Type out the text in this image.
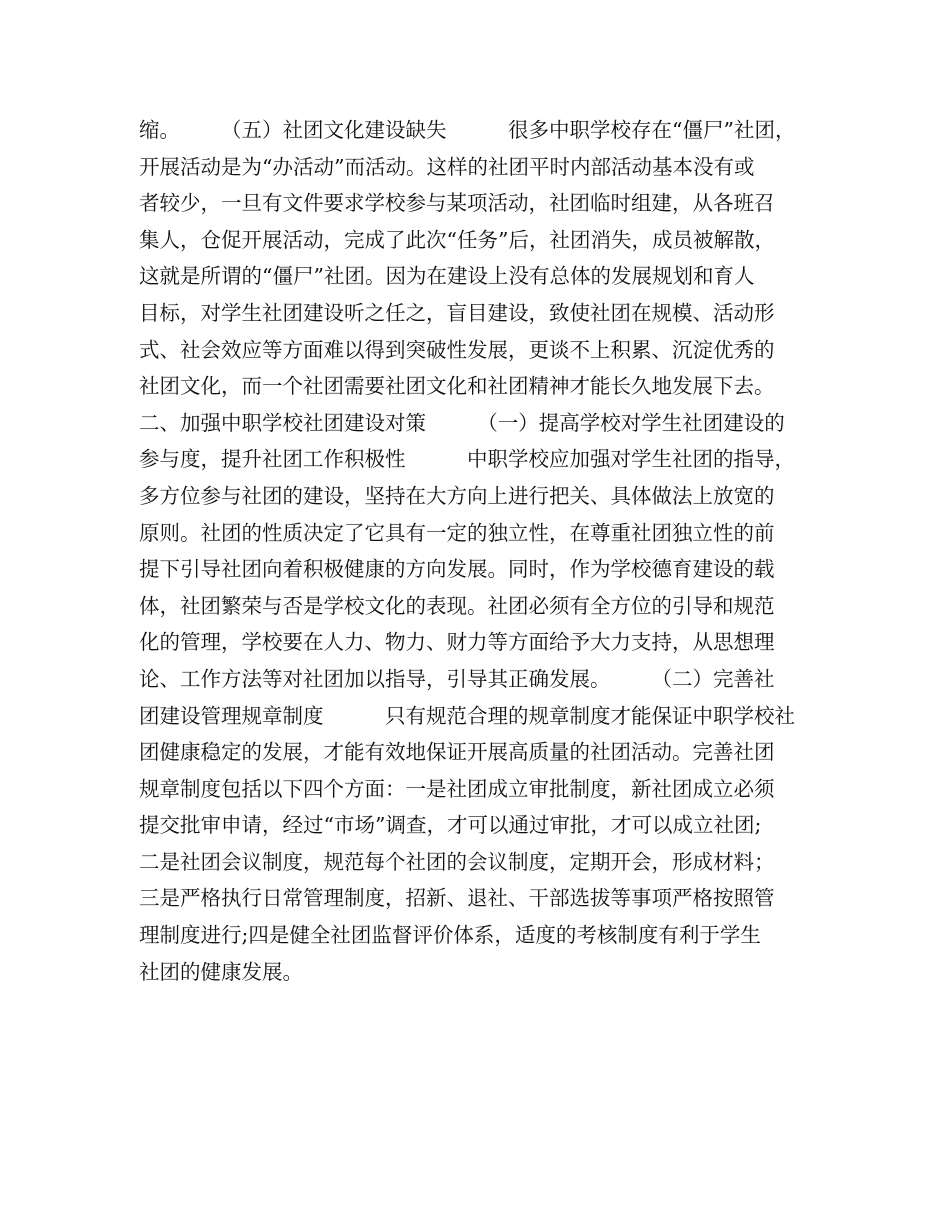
缩。　　　（五）社团文化建设缺失　　　很多中职学校存在“僵尸”社团，
开展活动是为“办活动”而活动。这样的社团平时内部活动基本没有或
者较少，一旦有文件要求学校参与某项活动，社团临时组建，从各班召
集人，仓促开展活动，完成了此次“任务”后，社团消失，成员被解散，
这就是所谓的“僵尸”社团。因为在建设上没有总体的发展规划和育人
目标，对学生社团建设听之任之，盲目建设，致使社团在规模、活动形
式、社会效应等方面难以得到突破性发展，更谈不上积累、沉淀优秀的
社团文化，而一个社团需要社团文化和社团精神才能长久地发展下去。
二、加强中职学校社团建设对策　　　（一）提高学校对学生社团建设的
参与度，提升社团工作积极性　　　中职学校应加强对学生社团的指导，
多方位参与社团的建设，坚持在大方向上进行把关、具体做法上放宽的
原则。社团的性质决定了它具有一定的独立性，在尊重社团独立性的前
提下引导社团向着积极健康的方向发展。同时，作为学校德育建设的载
体，社团繁荣与否是学校文化的表现。社团必须有全方位的引导和规范
化的管理，学校要在人力、物力、财力等方面给予大力支持，从思想理
论、工作方法等对社团加以指导，引导其正确发展。　　　（二）完善社
团建设管理规章制度　　　只有规范合理的规章制度才能保证中职学校社
团健康稳定的发展，才能有效地保证开展高质量的社团活动。完善社团
规章制度包括以下四个方面：一是社团成立审批制度，新社团成立必须
提交批审申请，经过“市场”调查，才可以通过审批，才可以成立社团;
二是社团会议制度，规范每个社团的会议制度，定期开会，形成材料；
三是严格执行日常管理制度，招新、退社、干部选拔等事项严格按照管
理制度进行;四是健全社团监督评价体系，适度的考核制度有利于学生
社团的健康发展。
